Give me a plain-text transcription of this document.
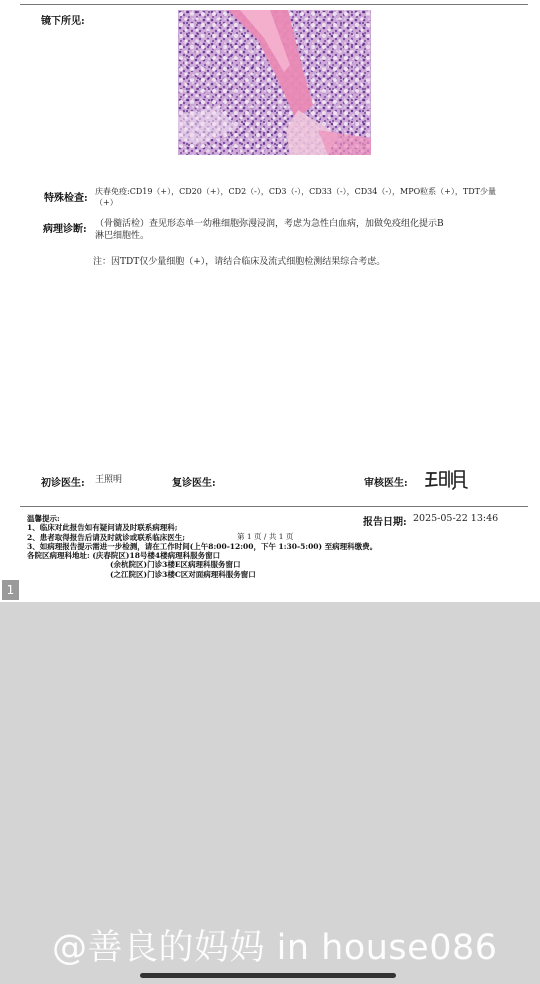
镜下所见:
特殊检查:
庆春免疫:CD19（+），CD20（+），CD2（-），CD3（-），CD33（-），CD34（-），MPO粒系（+），TDT少量
（+）
病理诊断: （骨髓活检）查见形态单一幼稚细胞弥漫浸润，考虑为急性白血病，加做免疫组化提示B
淋巴细胞性。
注：因TDT仅少量细胞（+），请结合临床及流式细胞检测结果综合考虑。
初诊医生: 王照明	复诊医生:	审核医生:
温馨提示:
1、临床对此报告如有疑问请及时联系病理科;
2、患者取得报告后请及时就诊或联系临床医生;
3、如病理报告提示需进一步检测，请在工作时间(上午8:00-12:00，下午 1:30-5:00) 至病理科缴费。
各院区病理科地址: (庆春院区)18号楼4楼病理科服务窗口
(余杭院区)门诊3楼E区病理科服务窗口
(之江院区)门诊3楼C区对面病理科服务窗口
第 1 页 / 共 1 页
报告日期: 2025-05-22 13:46
1
@善良的妈妈 in house086
